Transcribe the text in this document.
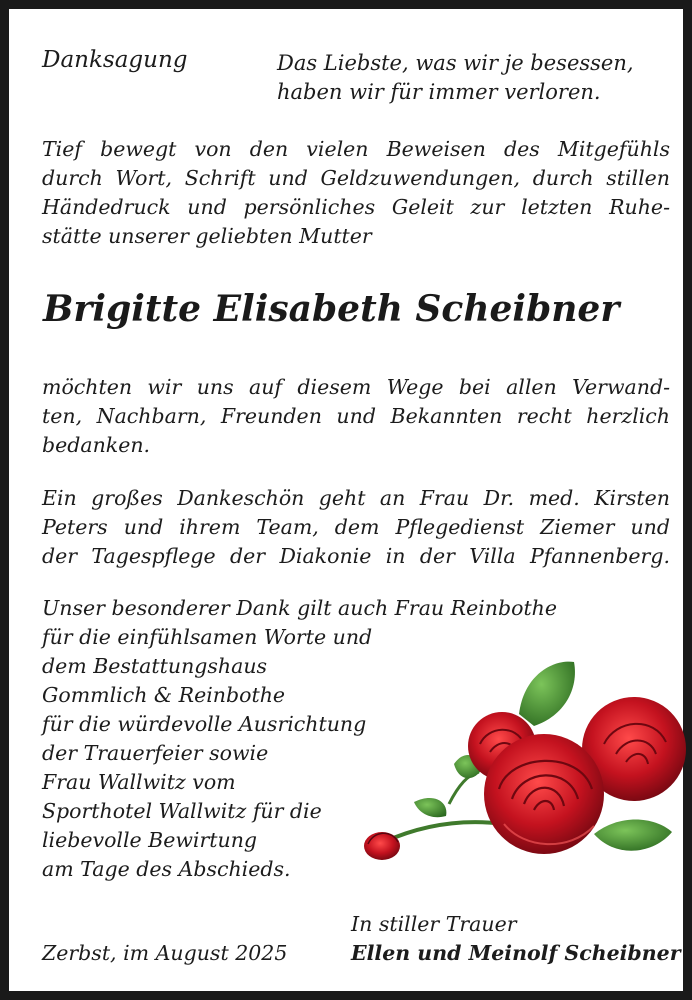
Danksagung	Das Liebste, was wir je besessen,
haben wir für immer verloren.
Tief bewegt von den vielen Beweisen des Mitgefühls
durch Wort, Schrift und Geldzuwendungen, durch stillen
Händedruck und persönliches Geleit zur letzten Ruhe-
stätte unserer geliebten Mutter
Brigitte Elisabeth Scheibner
möchten wir uns auf diesem Wege bei allen Verwand-
ten, Nachbarn, Freunden und Bekannten recht herzlich
bedanken.
Ein großes Dankeschön geht an Frau Dr. med. Kirsten
Peters und ihrem Team, dem Pflegedienst Ziemer und
der Tagespflege der Diakonie in der Villa Pfannenberg.
Unser besonderer Dank gilt auch Frau Reinbothe
für die einfühlsamen Worte und
dem Bestattungshaus
Gommlich & Reinbothe
für die würdevolle Ausrichtung
der Trauerfeier sowie
Frau Wallwitz vom
Sporthotel Wallwitz für die
liebevolle Bewirtung
am Tage des Abschieds.
In stiller Trauer
Zerbst, im August 2025	Ellen und Meinolf Scheibner
